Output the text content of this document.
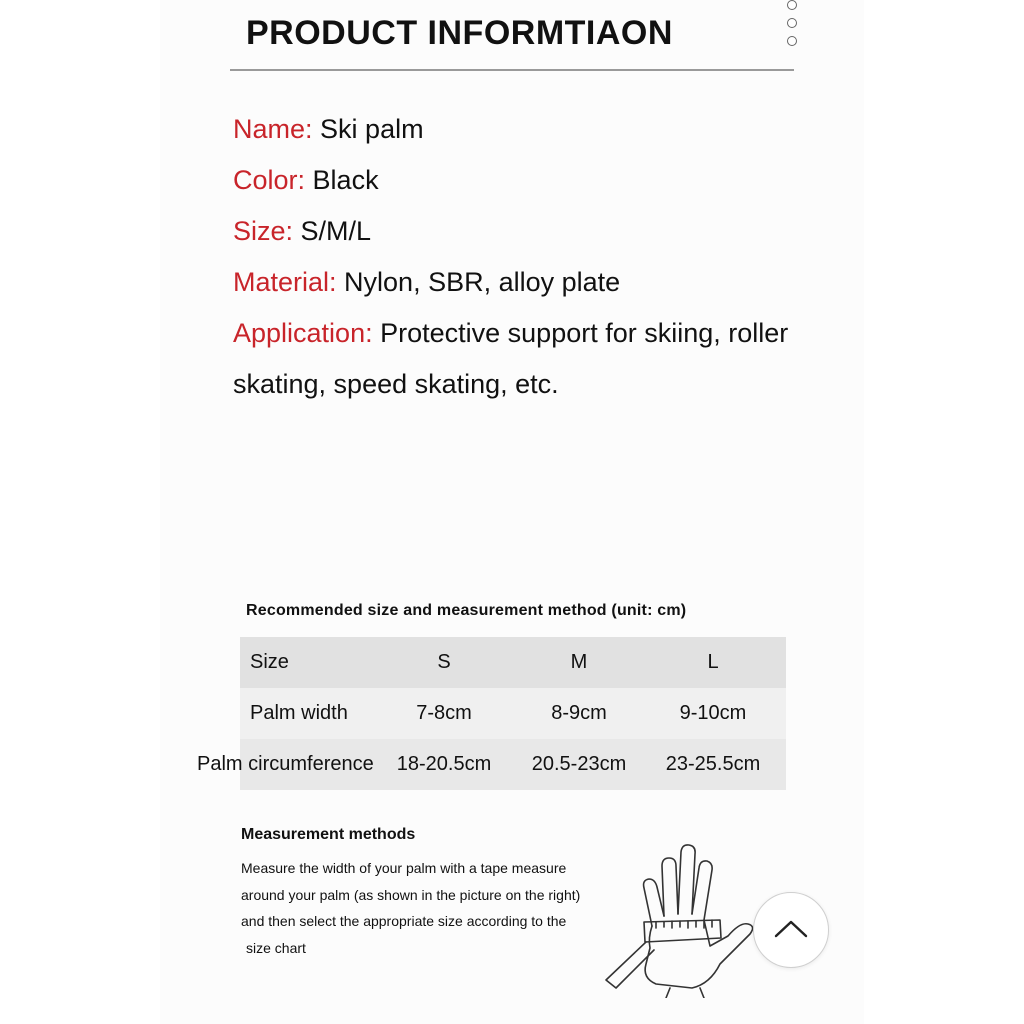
PRODUCT INFORMTIAON
Name: Ski palm
Color: Black
Size: S/M/L
Material: Nylon, SBR, alloy plate
Application: Protective support for skiing, roller skating, speed skating, etc.
Recommended size and measurement method (unit: cm)
Size	S	M	L
Palm width	7-8cm	8-9cm	9-10cm
Palm circumference	18-20.5cm	20.5-23cm	23-25.5cm
Measurement methods
Measure the width of your palm with a tape measure
around your palm (as shown in the picture on the right)
and then select the appropriate size according to the
size chart
